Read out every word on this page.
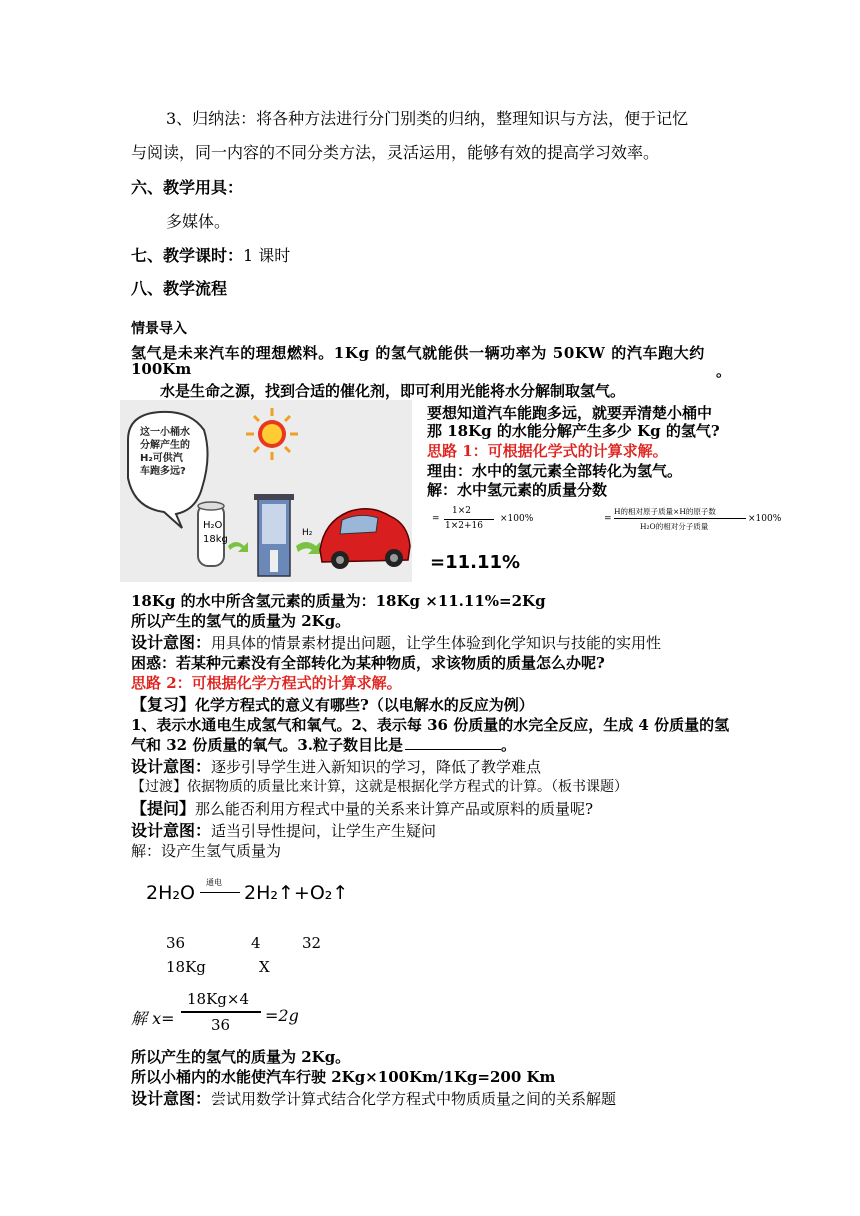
3、归纳法：将各种方法进行分门别类的归纳，整理知识与方法，便于记忆
与阅读，同一内容的不同分类方法，灵活运用，能够有效的提高学习效率。
六、教学用具：
多媒体。
七、教学课时：1 课时
八、教学流程
情景导入
氢气是未来汽车的理想燃料。1Kg 的氢气就能供一辆功率为 50KW 的汽车跑大约
100Km	。
水是生命之源，找到合适的催化剂，即可利用光能将水分解制取氢气。
这一小桶水
分解产生的
H₂可供汽
车跑多远?
H₂O
18kg
H₂
要想知道汽车能跑多远，就要弄清楚小桶中
那 18Kg 的水能分解产生多少 Kg 的氢气?
思路 1：可根据化学式的计算求解。
理由：水中的氢元素全部转化为氢气。
解：水中氢元素的质量分数
=
1×2
1×2+16
×100%	=
H的相对原子质量×H的原子数
H₂O的相对分子质量
×100%
=11.11%
18Kg 的水中所含氢元素的质量为：18Kg ×11.11%=2Kg
所以产生的氢气的质量为 2Kg。
设计意图：用具体的情景素材提出问题，让学生体验到化学知识与技能的实用性
困惑：若某种元素没有全部转化为某种物质，求该物质的质量怎么办呢?
思路 2：可根据化学方程式的计算求解。
【复习】化学方程式的意义有哪些?（以电解水的反应为例）
1、表示水通电生成氢气和氧气。2、表示每 36 份质量的水完全反应，生成 4 份质量的氢
气和 32 份质量的氧气。3.粒子数目比是	。
设计意图：逐步引导学生进入新知识的学习，降低了教学难点
【过渡】依据物质的质量比来计算，这就是根据化学方程式的计算。（板书课题）
【提问】那么能否利用方程式中量的关系来计算产品或原料的质量呢?
设计意图：适当引导性提问，让学生产生疑问
解：设产生氢气质量为
2H₂O 通电 2H₂↑+O₂↑
36	4	32
18Kg	X
解 x=
18Kg×4
36 =2g
所以产生的氢气的质量为 2Kg。
所以小桶内的水能使汽车行驶 2Kg×100Km/1Kg=200 Km
设计意图：尝试用数学计算式结合化学方程式中物质质量之间的关系解题
